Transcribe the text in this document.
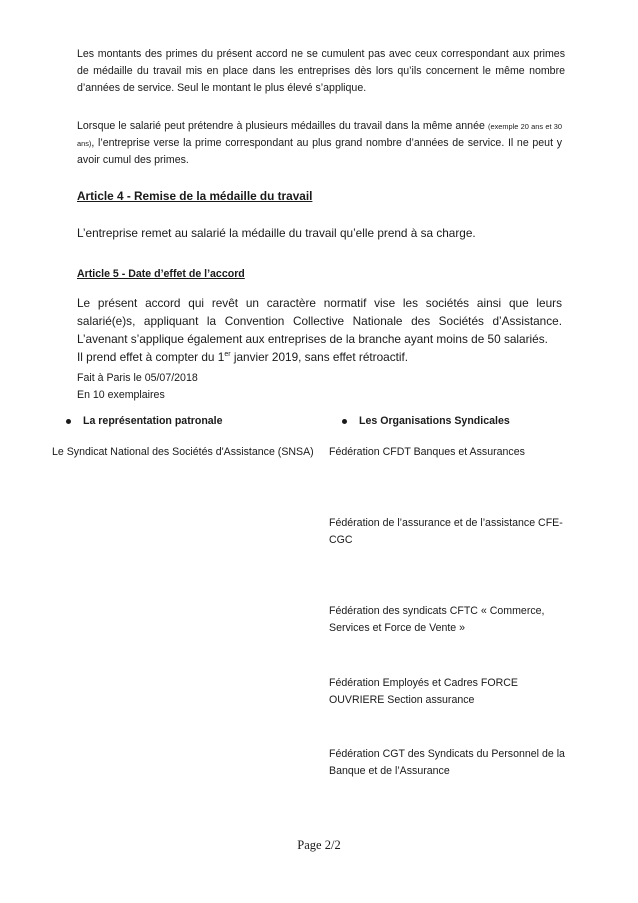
Les montants des primes du présent accord ne se cumulent pas avec ceux correspondant aux primes de médaille du travail mis en place dans les entreprises dès lors qu’ils concernent le même nombre d’années de service. Seul le montant le plus élevé s’applique.

Lorsque le salarié peut prétendre à plusieurs médailles du travail dans la même année (exemple 20 ans et 30 ans), l’entreprise verse la prime correspondant au plus grand nombre d’années de service. Il ne peut y avoir cumul des primes.

Article 4 - Remise de la médaille du travail

L’entreprise remet au salarié la médaille du travail qu’elle prend à sa charge.

Article 5 - Date d’effet de l’accord

Le présent accord qui revêt un caractère normatif vise les sociétés ainsi que leurs salarié(e)s, appliquant la Convention Collective Nationale des Sociétés d’Assistance. L’avenant s’applique également aux entreprises de la branche ayant moins de 50 salariés.

Il prend effet à compter du 1er janvier 2019, sans effet rétroactif.

Fait à Paris le 05/07/2018

En 10 exemplaires

La représentation patronale	Les Organisations Syndicales

Le Syndicat National des Sociétés d'Assistance (SNSA) Fédération CFDT Banques et Assurances

Fédération de l’assurance et de l’assistance CFE-CGC

Fédération des syndicats CFTC « Commerce, Services et Force de Vente »

Fédération Employés et Cadres FORCE OUVRIERE Section assurance

Fédération CGT des Syndicats du Personnel de la Banque et de l’Assurance

Page 2/2
